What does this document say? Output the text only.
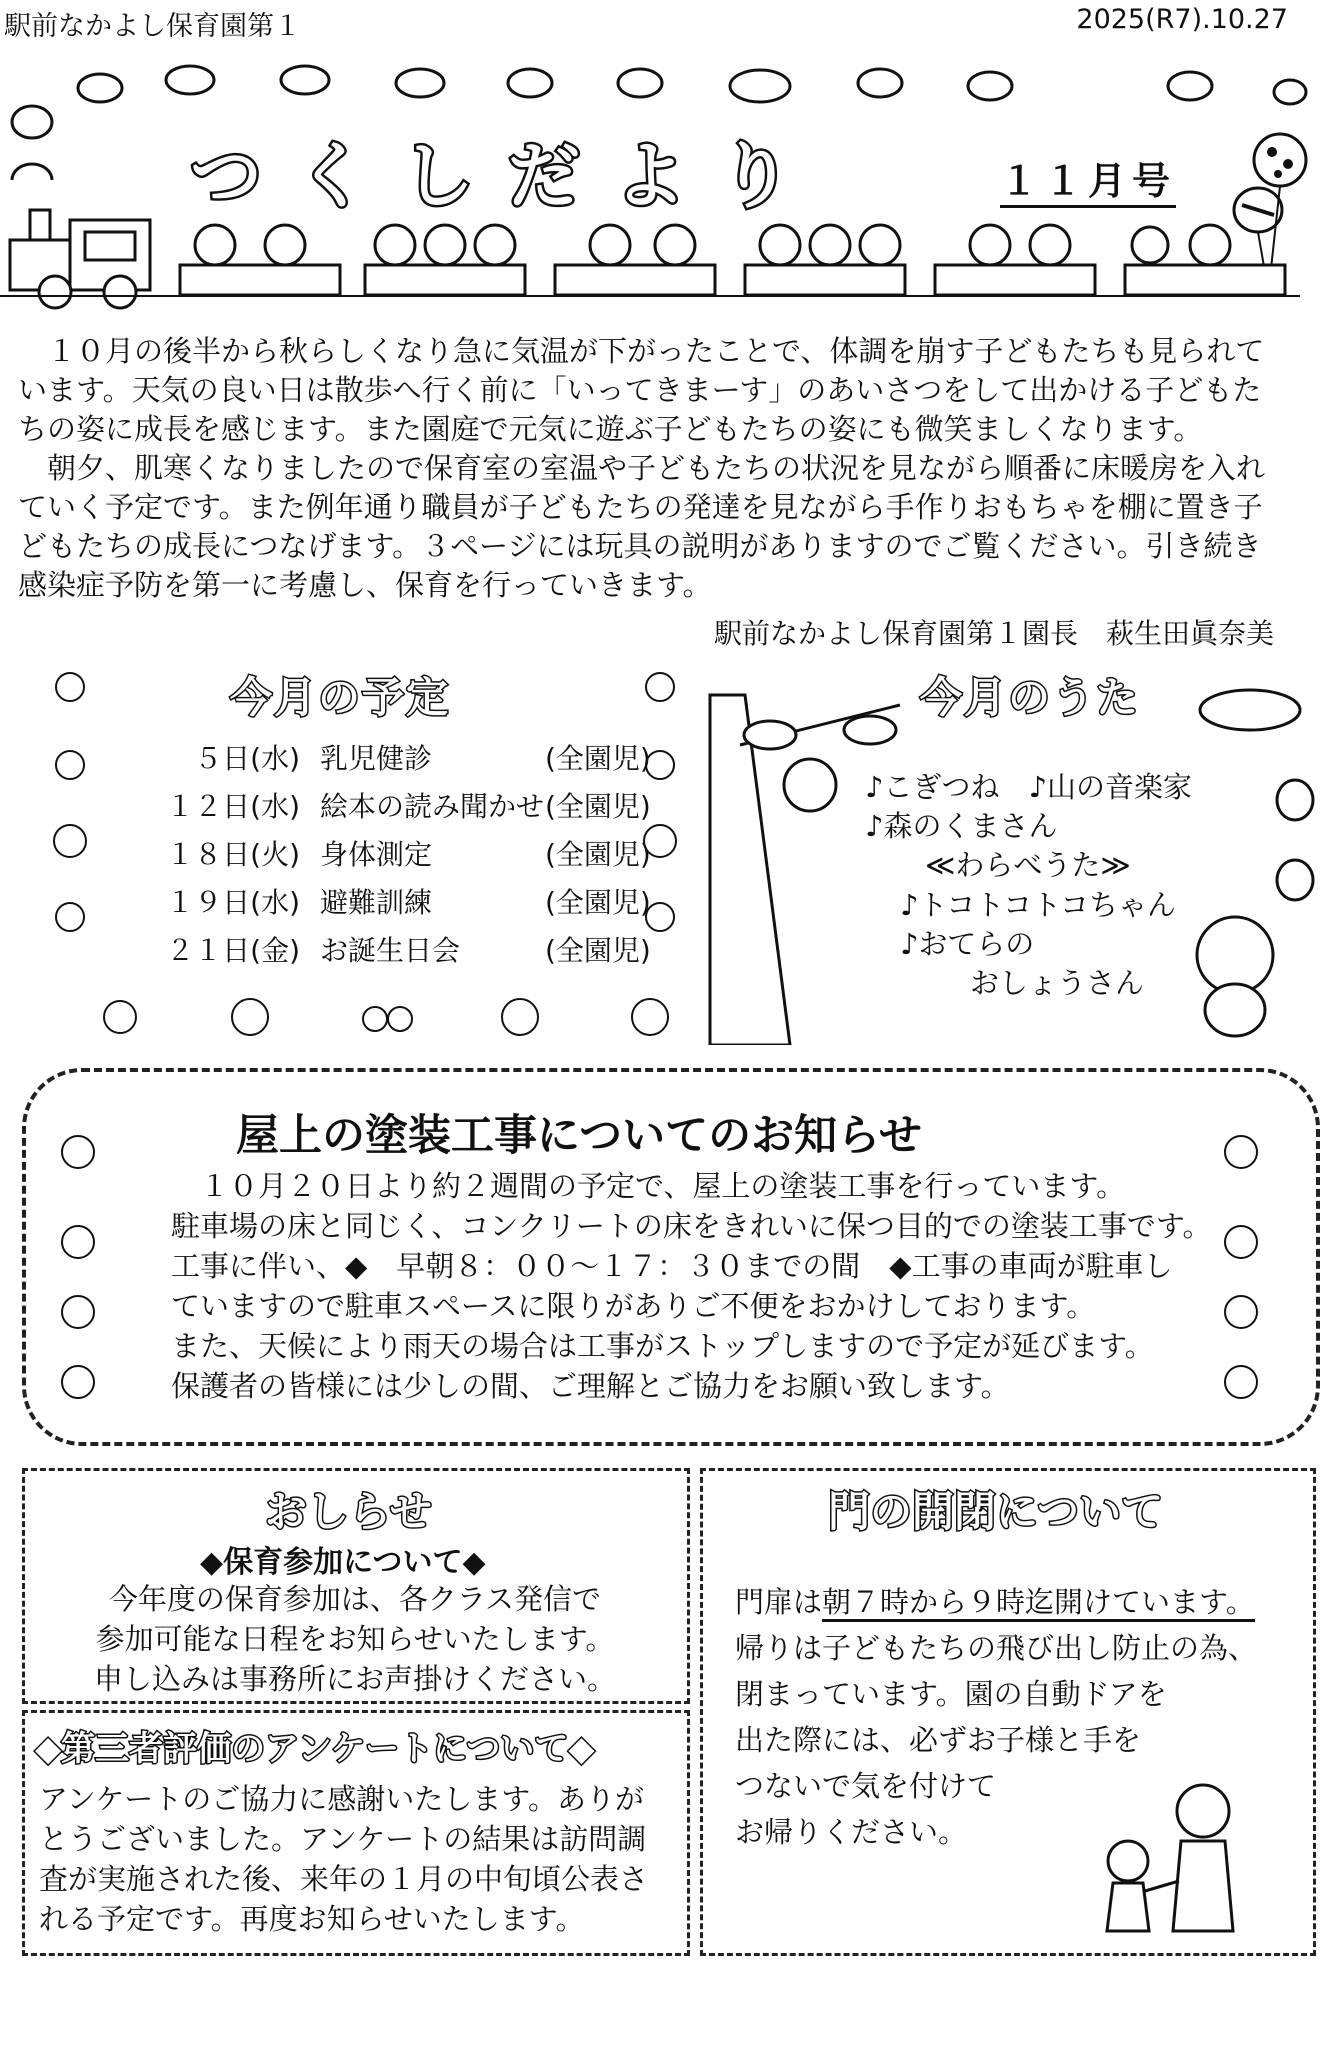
駅前なかよし保育園第１	2025(R7).10.27
つくしだより	１１月号

　１０月の後半から秋らしくなり急に気温が下がったことで、体調を崩す子どもたちも見られて

います。天気の良い日は散歩へ行く前に「いってきまーす」のあいさつをして出かける子どもた

ちの姿に成長を感じます。また園庭で元気に遊ぶ子どもたちの姿にも微笑ましくなります。

　朝夕、肌寒くなりましたので保育室の室温や子どもたちの状況を見ながら順番に床暖房を入れ

ていく予定です。また例年通り職員が子どもたちの発達を見ながら手作りおもちゃを棚に置き子

どもたちの成長につなげます。３ページには玩具の説明がありますのでご覧ください。引き続き

感染症予防を第一に考慮し、保育を行っていきます。

駅前なかよし保育園第１園長　萩生田眞奈美
今月の予定
５日(水) 乳児健診	(全園児)
１２日(水) 絵本の読み聞かせ (全園児)
１８日(火) 身体測定	(全園児)
１９日(水) 避難訓練	(全園児)
２１日(金) お誕生日会	(全園児)
今月のうた
♪こぎつね　♪山の音楽家
♪森のくまさん
≪わらべうた≫
♪トコトコトコちゃん
♪おてらの
おしょうさん
屋上の塗装工事についてのお知らせ

　１０月２０日より約２週間の予定で、屋上の塗装工事を行っています。

駐車場の床と同じく、コンクリートの床をきれいに保つ目的での塗装工事です。

工事に伴い、◆　早朝８：００～１７：３０までの間　◆工事の車両が駐車し

ていますので駐車スペースに限りがありご不便をおかけしております。

また、天候により雨天の場合は工事がストップしますので予定が延びます。

保護者の皆様には少しの間、ご理解とご協力をお願い致します。

おしらせ
◆保育参加について◆

今年度の保育参加は、各クラス発信で

参加可能な日程をお知らせいたします。

申し込みは事務所にお声掛けください。

◆第三者評価のアンケートについて◆

アンケートのご協力に感謝いたします。ありが

とうございました。アンケートの結果は訪問調

査が実施された後、来年の１月の中旬頃公表さ

れる予定です。再度お知らせいたします。

門の開閉について

門扉は朝７時から９時迄開けています。

帰りは子どもたちの飛び出し防止の為、

閉まっています。園の自動ドアを

出た際には、必ずお子様と手を

つないで気を付けて

お帰りください。
